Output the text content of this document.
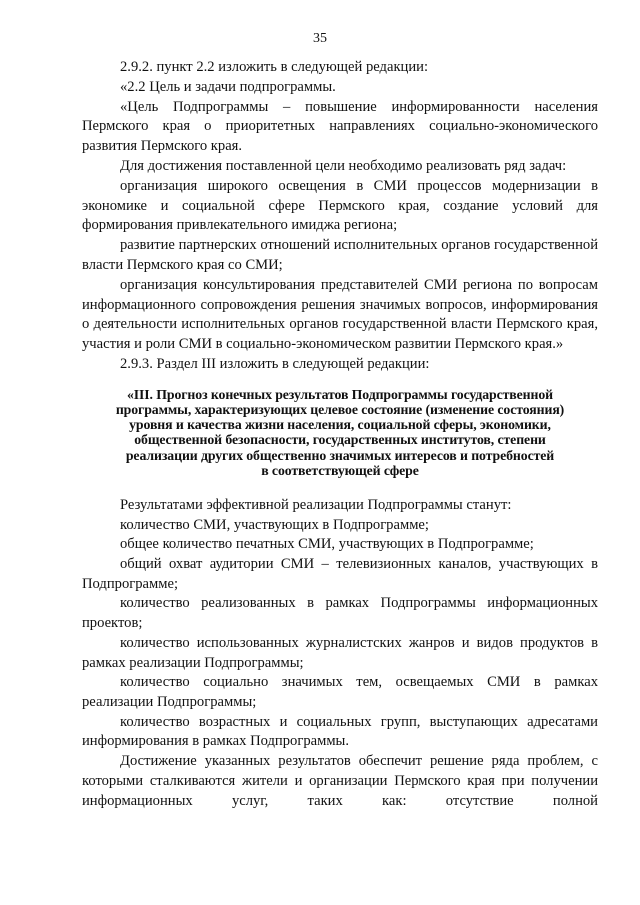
35

2.9.2. пункт 2.2 изложить в следующей редакции:

«2.2 Цель и задачи подпрограммы.

«Цель Подпрограммы – повышение информированности населения Пермского края о приоритетных направлениях социально-экономического развития Пермского края.

Для достижения поставленной цели необходимо реализовать ряд задач:

организация широкого освещения в СМИ процессов модернизации в экономике и социальной сфере Пермского края, создание условий для формирования привлекательного имиджа региона;

развитие партнерских отношений исполнительных органов государственной власти Пермского края со СМИ;

организация консультирования представителей СМИ региона по вопросам информационного сопровождения решения значимых вопросов, информирования о деятельности исполнительных органов государственной власти Пермского края, участия и роли СМИ в социально-экономическом развитии Пермского края.»

2.9.3. Раздел III изложить в следующей редакции:

«III. Прогноз конечных результатов Подпрограммы государственной
программы, характеризующих целевое состояние (изменение состояния)
уровня и качества жизни населения, социальной сферы, экономики,
общественной безопасности, государственных институтов, степени
реализации других общественно значимых интересов и потребностей
в соответствующей сфере

Результатами эффективной реализации Подпрограммы станут:

количество СМИ, участвующих в Подпрограмме;

общее количество печатных СМИ, участвующих в Подпрограмме;

общий охват аудитории СМИ – телевизионных каналов, участвующих в Подпрограмме;

количество реализованных в рамках Подпрограммы информационных проектов;

количество использованных журналистских жанров и видов продуктов в рамках реализации Подпрограммы;

количество социально значимых тем, освещаемых СМИ в рамках реализации Подпрограммы;

количество возрастных и социальных групп, выступающих адресатами информирования в рамках Подпрограммы.

Достижение указанных результатов обеспечит решение ряда проблем, с которыми сталкиваются жители и организации Пермского края при получении информационных услуг, таких как: отсутствие полной
